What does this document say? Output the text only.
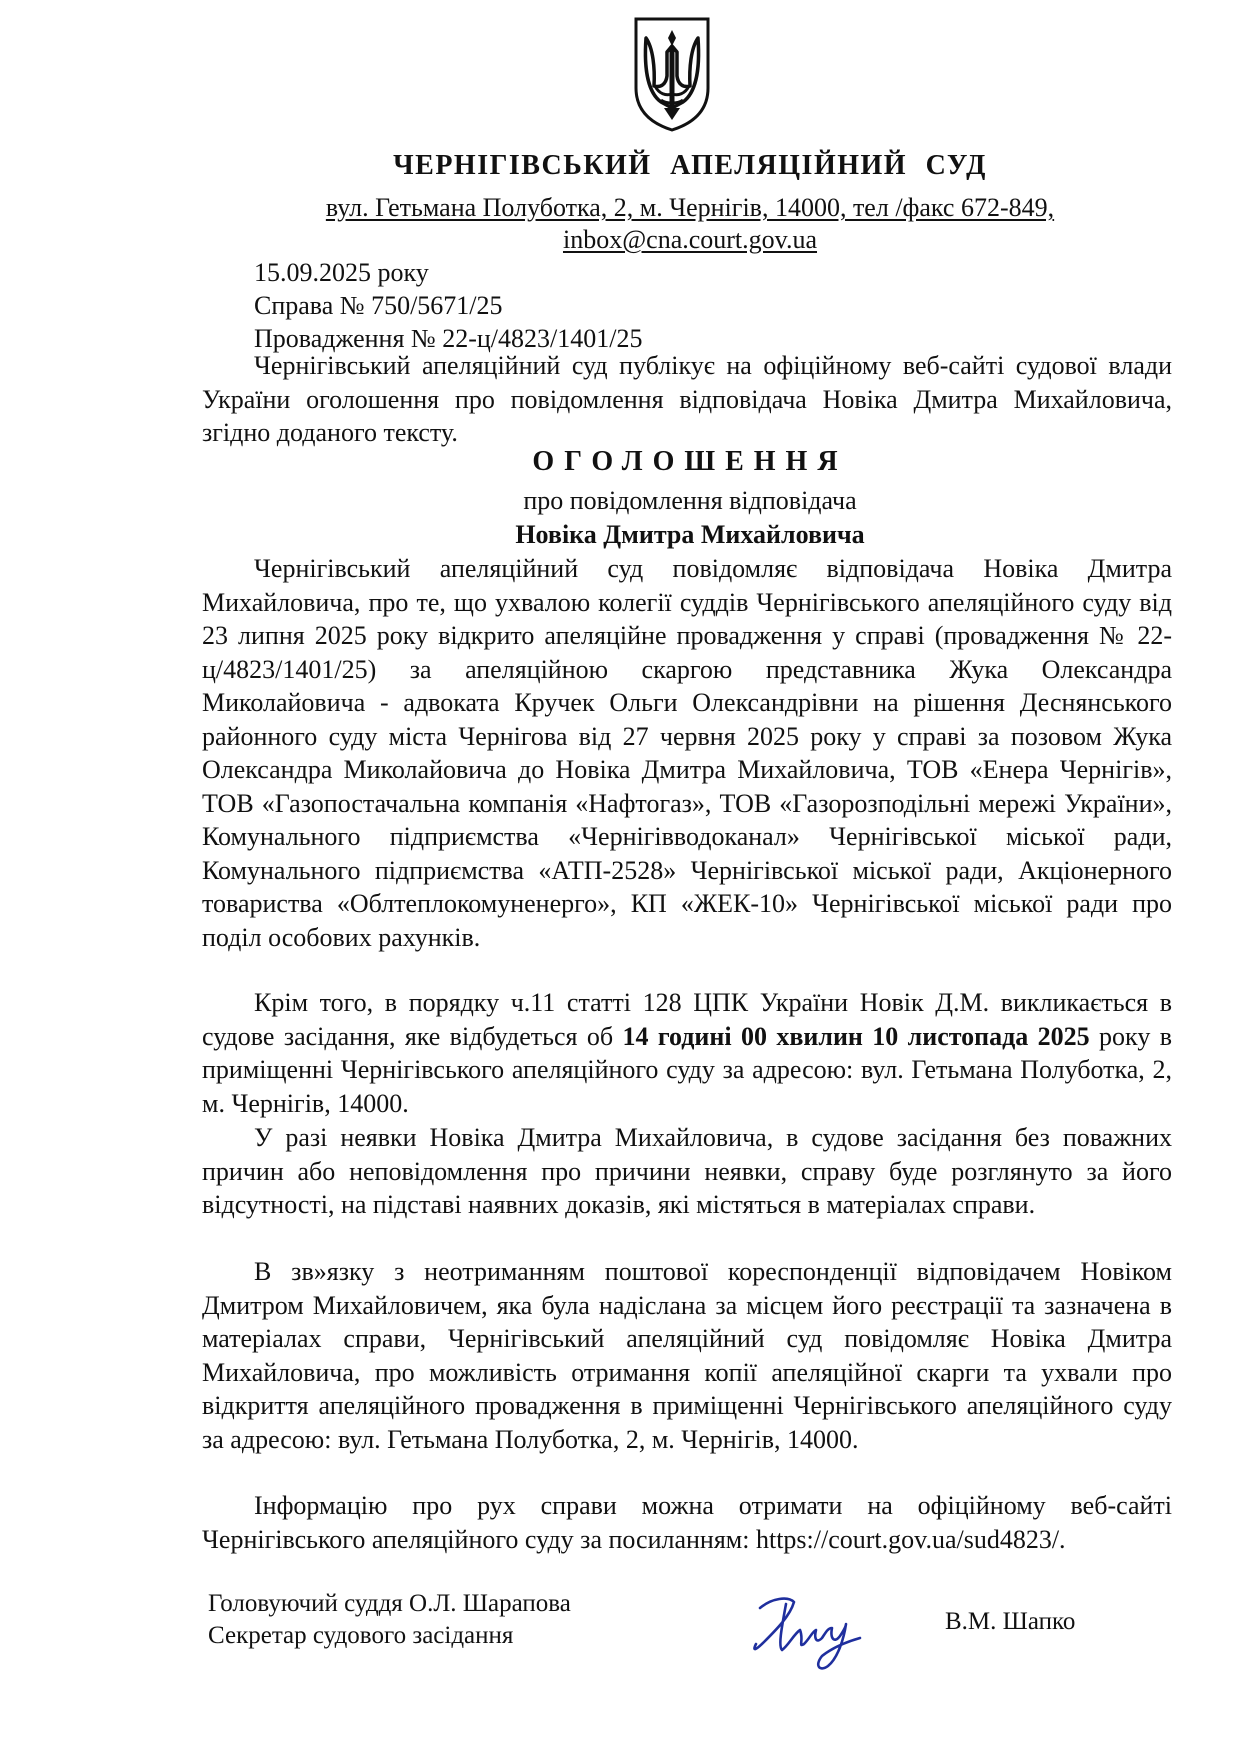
ЧЕРНІГІВСЬКИЙ АПЕЛЯЦІЙНИЙ СУД
вул. Гетьмана Полуботка, 2, м. Чернігів, 14000, тел /факс 672-849,
inbox@cna.court.gov.ua
15.09.2025 року
Справа № 750/5671/25
Провадження № 22-ц/4823/1401/25

Чернігівський апеляційний суд публікує на офіційному веб-сайті судової влади України оголошення про повідомлення відповідача Новіка Дмитра Михайловича, згідно доданого тексту.

ОГОЛОШЕННЯ
про повідомлення відповідача
Новіка Дмитра Михайловича

Чернігівський апеляційний суд повідомляє відповідача Новіка Дмитра Михайловича, про те, що ухвалою колегії суддів Чернігівського апеляційного суду від 23 липня 2025 року відкрито апеляційне провадження у справі (провадження № 22-ц/4823/1401/25) за апеляційною скаргою представника Жука Олександра Миколайовича - адвоката Кручек Ольги Олександрівни на рішення Деснянського районного суду міста Чернігова від 27 червня 2025 року у справі за позовом Жука Олександра Миколайовича до Новіка Дмитра Михайловича, ТОВ «Енера Чернігів», ТОВ «Газопостачальна компанія «Нафтогаз», ТОВ «Газорозподільні мережі України», Комунального підприємства «Чернігівводоканал» Чернігівської міської ради, Комунального підприємства «АТП-2528» Чернігівської міської ради, Акціонерного товариства «Облтеплокомуненерго», КП «ЖЕК-10» Чернігівської міської ради про поділ особових рахунків.

Крім того, в порядку ч.11 статті 128 ЦПК України Новік Д.М. викликається в судове засідання, яке відбудеться об 14 годині 00 хвилин 10 листопада 2025 року в приміщенні Чернігівського апеляційного суду за адресою: вул. Гетьмана Полуботка, 2, м. Чернігів, 14000.

У разі неявки Новіка Дмитра Михайловича, в судове засідання без поважних причин або неповідомлення про причини неявки, справу буде розглянуто за його відсутності, на підставі наявних доказів, які містяться в матеріалах справи.

В зв»язку з неотриманням поштової кореспонденції відповідачем Новіком Дмитром Михайловичем, яка була надіслана за місцем його реєстрації та зазначена в матеріалах справи, Чернігівський апеляційний суд повідомляє Новіка Дмитра Михайловича, про можливість отримання копії апеляційної скарги та ухвали про відкриття апеляційного провадження в приміщенні Чернігівського апеляційного суду за адресою: вул. Гетьмана Полуботка, 2, м. Чернігів, 14000.

Інформацію про рух справи можна отримати на офіційному веб-сайті Чернігівського апеляційного суду за посиланням: https://court.gov.ua/sud4823/.

Головуючий суддя О.Л. Шарапова
Секретар судового засідання
В.М. Шапко
